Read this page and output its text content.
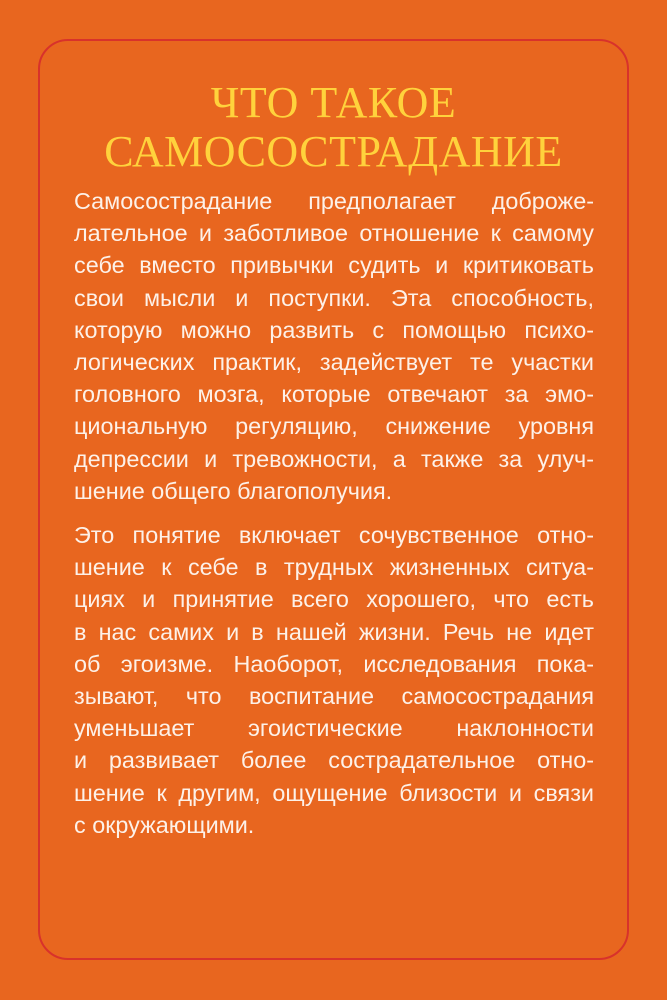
ЧТО ТАКОЕ
САМОСОСТРАДАНИЕ

Самосострадание предполагает доброже-
лательное и заботливое отношение к самому
себе вместо привычки судить и критиковать
свои мысли и поступки. Эта способность,
которую можно развить с помощью психо-
логических практик, задействует те участки
головного мозга, которые отвечают за эмо-
циональную регуляцию, снижение уровня
депрессии и тревожности, а также за улуч-
шение общего благополучия.

Это понятие включает сочувственное отно-
шение к себе в трудных жизненных ситуа-
циях и принятие всего хорошего, что есть
в нас самих и в нашей жизни. Речь не идет
об эгоизме. Наоборот, исследования пока-
зывают, что воспитание самосострадания
уменьшает эгоистические наклонности
и развивает более сострадательное отно-
шение к другим, ощущение близости и связи
с окружающими.
